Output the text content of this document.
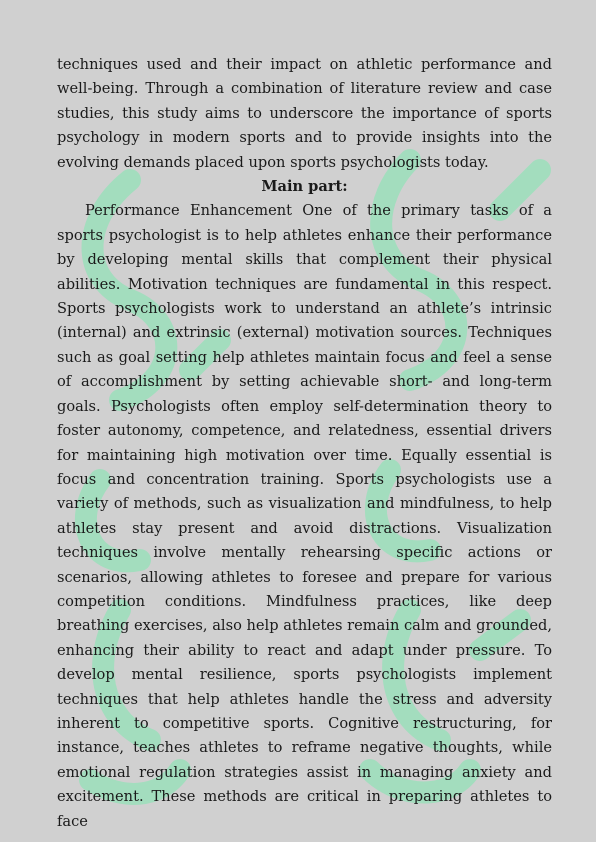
techniques used and their impact on athletic performance and well-being. Through a combination of literature review and case studies, this study aims to underscore the importance of sports psychology in modern sports and to provide insights into the evolving demands placed upon sports psychologists today.

Main part:

Performance Enhancement One of the primary tasks of a sports psychologist is to help athletes enhance their performance by developing mental skills that complement their physical abilities. Motivation techniques are fundamental in this respect. Sports psychologists work to understand an athlete’s intrinsic (internal) and extrinsic (external) motivation sources. Techniques such as goal setting help athletes maintain focus and feel a sense of accomplishment by setting achievable short- and long-term goals. Psychologists often employ self-determination theory to foster autonomy, competence, and relatedness, essential drivers for maintaining high motivation over time. Equally essential is focus and concentration training. Sports psychologists use a variety of methods, such as visualization and mindfulness, to help athletes stay present and avoid distractions. Visualization techniques involve mentally rehearsing specific actions or scenarios, allowing athletes to foresee and prepare for various competition conditions. Mindfulness practices, like deep breathing exercises, also help athletes remain calm and grounded, enhancing their ability to react and adapt under pressure. To develop mental resilience, sports psychologists implement techniques that help athletes handle the stress and adversity inherent to competitive sports. Cognitive restructuring, for instance, teaches athletes to reframe negative thoughts, while emotional regulation strategies assist in managing anxiety and excitement. These methods are critical in preparing athletes to face
